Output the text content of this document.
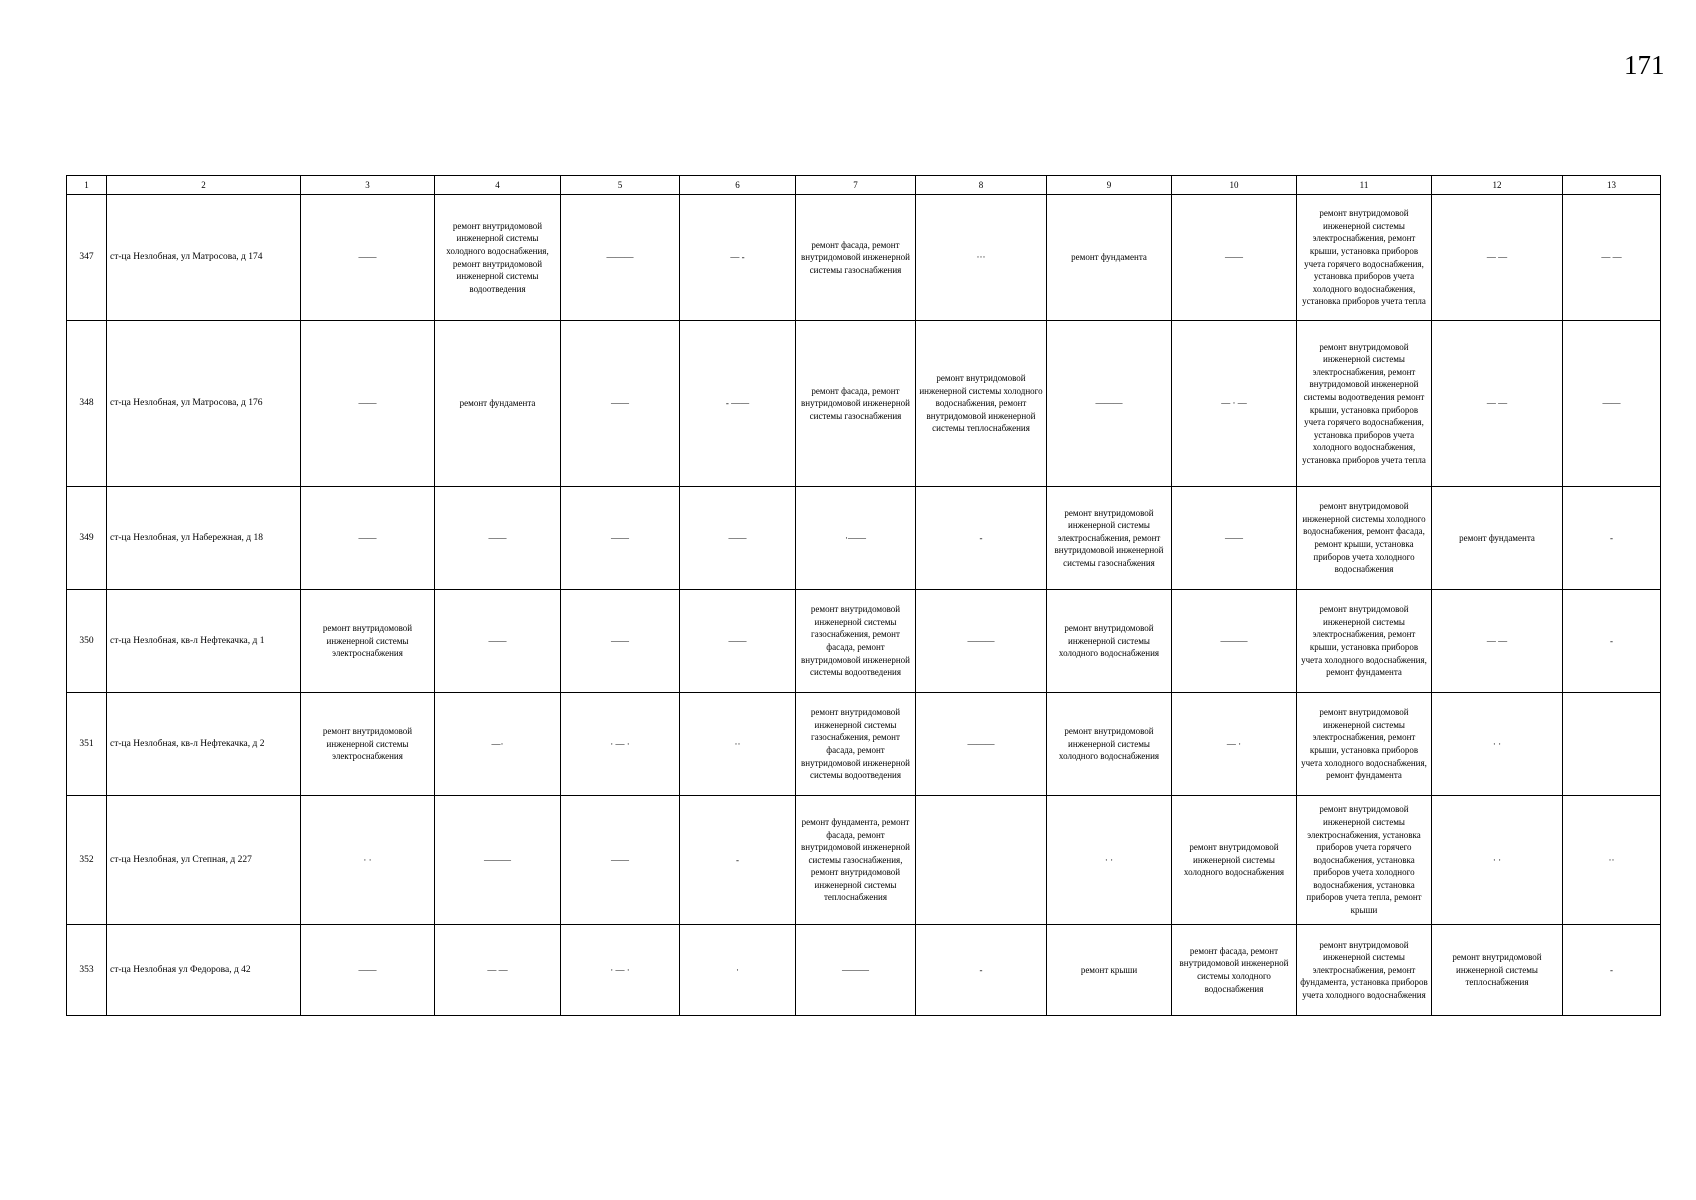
171
1	2	3	4	5	6	7	8	9	10	11	12	13
347	ст-ца Незлобная, ул Матросова, д 174	——	ремонт внутридомовой инженерной системы холодного водоснабжения, ремонт внутридомовой инженерной системы водоотведения	———	— -	ремонт фасада, ремонт внутридомовой инженерной системы газоснабжения	···	ремонт фундамента	——	ремонт внутридомовой инженерной системы электроснабжения, ремонт крыши, установка приборов учета горячего водоснабжения, установка приборов учета холодного водоснабжения, установка приборов учета тепла	— —	— —
348	ст-ца Незлобная, ул Матросова, д 176	——	ремонт фундамента	——	- ——	ремонт фасада, ремонт внутридомовой инженерной системы газоснабжения	ремонт внутридомовой инженерной системы холодного водоснабжения, ремонт внутридомовой инженерной системы теплоснабжения	———	— · —	ремонт внутридомовой инженерной системы электроснабжения, ремонт внутридомовой инженерной системы водоотведения ремонт крыши, установка приборов учета горячего водоснабжения, установка приборов учета холодного водоснабжения, установка приборов учета тепла	— —	——
349	ст-ца Незлобная, ул Набережная, д 18	——	——	——	——	·——	-	ремонт внутридомовой инженерной системы электроснабжения, ремонт внутридомовой инженерной системы газоснабжения	——	ремонт внутридомовой инженерной системы холодного водоснабжения, ремонт фасада, ремонт крыши, установка приборов учета холодного водоснабжения	ремонт фундамента	-
350	ст-ца Незлобная, кв-л Нефтекачка, д 1	ремонт внутридомовой инженерной системы электроснабжения	——	——	——	ремонт внутридомовой инженерной системы газоснабжения, ремонт фасада, ремонт внутридомовой инженерной системы водоотведения	———	ремонт внутридомовой инженерной системы холодного водоснабжения	———	ремонт внутридомовой инженерной системы электроснабжения, ремонт крыши, установка приборов учета холодного водоснабжения, ремонт фундамента	— —	-
351	ст-ца Незлобная, кв-л Нефтекачка, д 2	ремонт внутридомовой инженерной системы электроснабжения	—·	· — ·	··	ремонт внутридомовой инженерной системы газоснабжения, ремонт фасада, ремонт внутридомовой инженерной системы водоотведения	———	ремонт внутридомовой инженерной системы холодного водоснабжения	— ·	ремонт внутридомовой инженерной системы электроснабжения, ремонт крыши, установка приборов учета холодного водоснабжения, ремонт фундамента	· ·	
352	ст-ца Незлобная, ул Степная, д 227	· ·	———	——	-	ремонт фундамента, ремонт фасада, ремонт внутридомовой инженерной системы газоснабжения, ремонт внутридомовой инженерной системы теплоснабжения		· ·	ремонт внутридомовой инженерной системы холодного водоснабжения	ремонт внутридомовой инженерной системы электроснабжения, установка приборов учета горячего водоснабжения, установка приборов учета холодного водоснабжения, установка приборов учета тепла, ремонт крыши	· ·	··
353	ст-ца Незлобная ул Федорова, д 42	——	— —	· — ·	·	———	-	ремонт крыши	ремонт фасада, ремонт внутридомовой инженерной системы холодного водоснабжения	ремонт внутридомовой инженерной системы электроснабжения, ремонт фундамента, установка приборов учета холодного водоснабжения	ремонт внутридомовой инженерной системы теплоснабжения	-
